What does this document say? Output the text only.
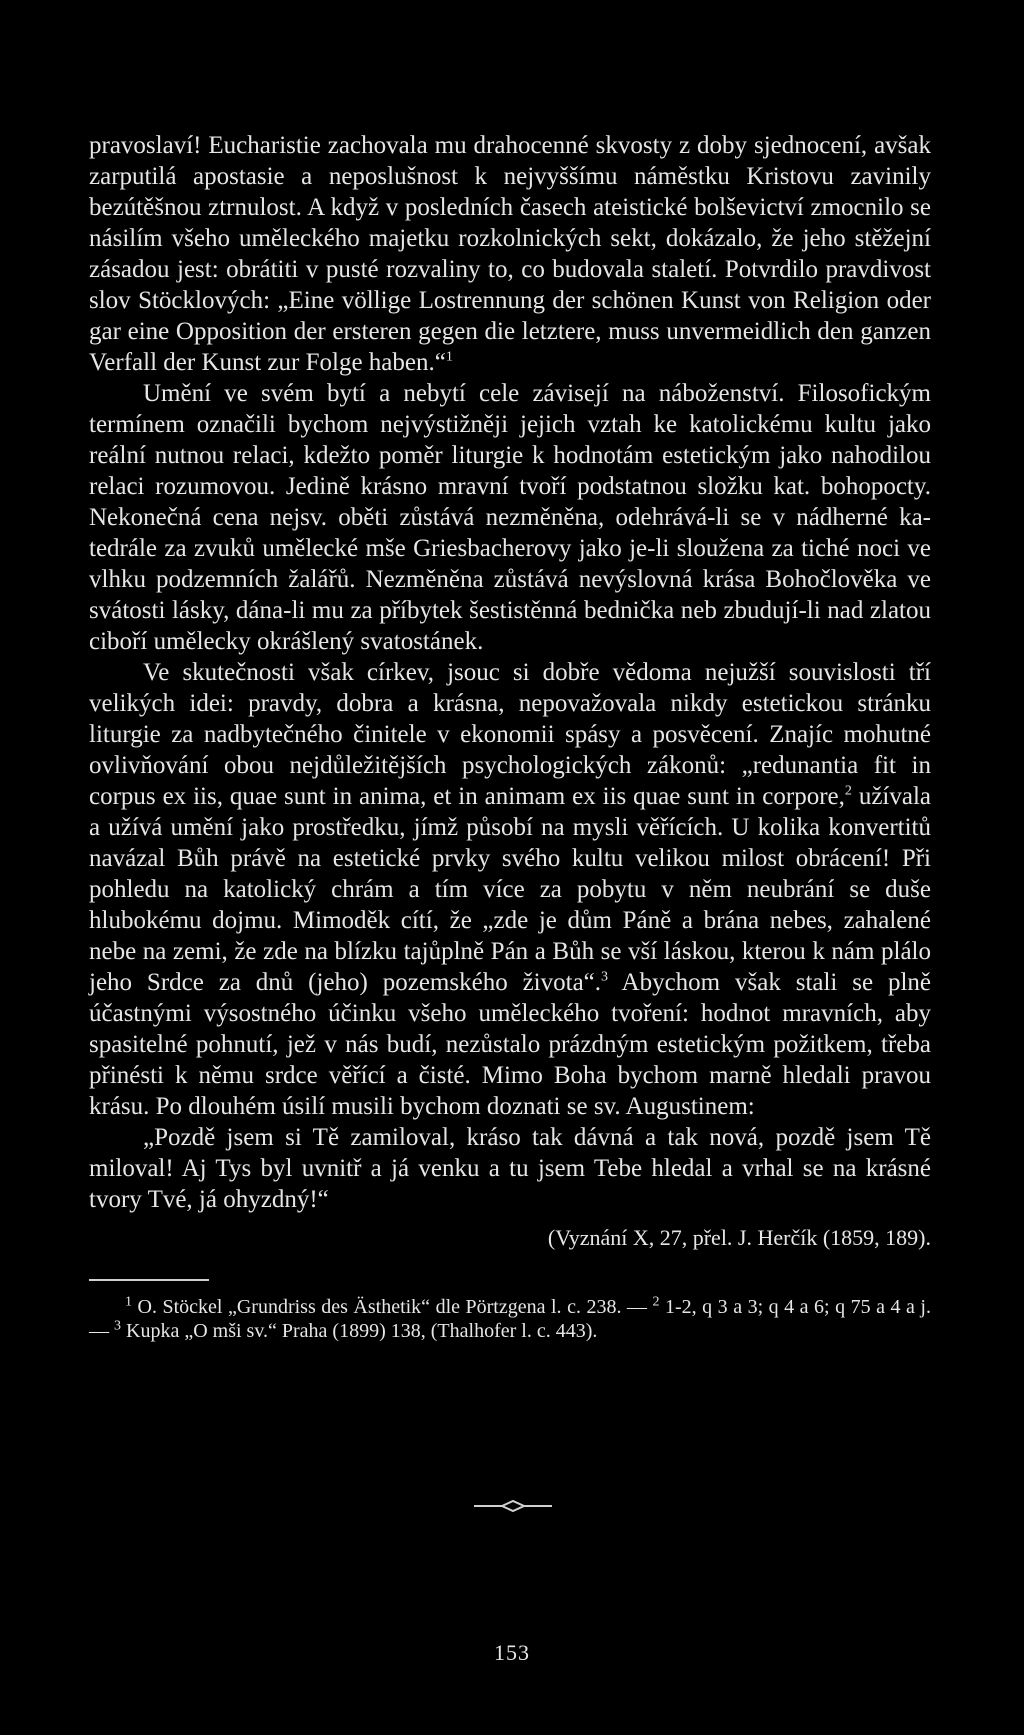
pravoslaví! Eucharistie zachovala mu drahocenné skvosty z doby sjednocení, avšak zarputilá apostasie a neposlušnost k nejvyššímu náměstku Kristovu zavinily bezútěšnou ztrnulost. A když v posledních časech ateistické bolševictví zmocnilo se násilím všeho uměleckého majetku rozkolnických sekt, dokázalo, že jeho stěžejní zásadou jest: obrátiti v pusté rozvaliny to, co budovala staletí. Potvrdilo pravdivost slov Stöcklových: „Eine völlige Lostrennung der schönen Kunst von Religion oder gar eine Opposition der ersteren gegen die letztere, muss unvermeidlich den ganzen Verfall der Kunst zur Folge haben.“$^1$

Umění ve svém bytí a nebytí cele závisejí na náboženství. Filosofickým termínem označili bychom nejvýstižněji jejich vztah ke katolickému kultu jako reální nutnou relaci, kdežto poměr liturgie k hodnotám estetickým jako nahodilou relaci rozumovou. Jedině krásno mravní tvoří podstatnou složku kat. bohopocty. Nekonečná cena nejsv. oběti zůstává nezměněna, odehrává-li se v nádherné katedrále za zvuků umělecké mše Griesbacherovy jako je-li sloužena za tiché noci ve vlhku podzemních žalářů. Nezměněna zůstává nevýslovná krása Bohočlověka ve svátosti lásky, dána-li mu za příbytek šestistěnná bednička neb zbudují-li nad zlatou ciboří umělecky okrášlený svatostánek.

Ve skutečnosti však církev, jsouc si dobře vědoma nejužší souvislosti tří velikých idei: pravdy, dobra a krásna, nepovažovala nikdy estetickou stránku liturgie za nadbytečného činitele v ekonomii spásy a posvěcení. Znajíc mohutné ovlivňování obou nejdůležitějších psychologických zákonů: „redunantia fit in corpus ex iis, quae sunt in anima, et in animam ex iis quae sunt in corpore,$^2$ užívala a užívá umění jako prostředku, jímž působí na mysli věřících. U kolika konvertitů navázal Bůh právě na estetické prvky svého kultu velikou milost obrácení! Při pohledu na katolický chrám a tím více za pobytu v něm neubrání se duše hlubokému dojmu. Mimoděk cítí, že „zde je dům Páně a brána nebes, zahalené nebe na zemi, že zde na blízku tajůplně Pán a Bůh se vší láskou, kterou k nám plálo jeho Srdce za dnů (jeho) pozemského života“.$^3$ Abychom však stali se plně účastnými výsostného účinku všeho uměleckého tvoření: hodnot mravních, aby spasitelné pohnutí, jež v nás budí, nezůstalo prázdným estetickým požitkem, třeba přinésti k němu srdce věřící a čisté. Mimo Boha bychom marně hledali pravou krásu. Po dlouhém úsilí musili bychom doznati se sv. Augustinem:

„Pozdě jsem si Tě zamiloval, kráso tak dávná a tak nová, pozdě jsem Tě miloval! Aj Tys byl uvnitř a já venku a tu jsem Tebe hledal a vrhal se na krásné tvory Tvé, já ohyzdný!“

(Vyznání X, 27, přel. J. Herčík (1859, 189).

$^1$ O. Stöckel „Grundriss des Ästhetik“ dle Pörtzgena l. c. 238. — $^2$ 1-2, q 3 a 3; q 4 a 6; q 75 a 4 a j. — $^3$ Kupka „O mši sv.“ Praha (1899) 138, (Thalhofer l. c. 443).

153
